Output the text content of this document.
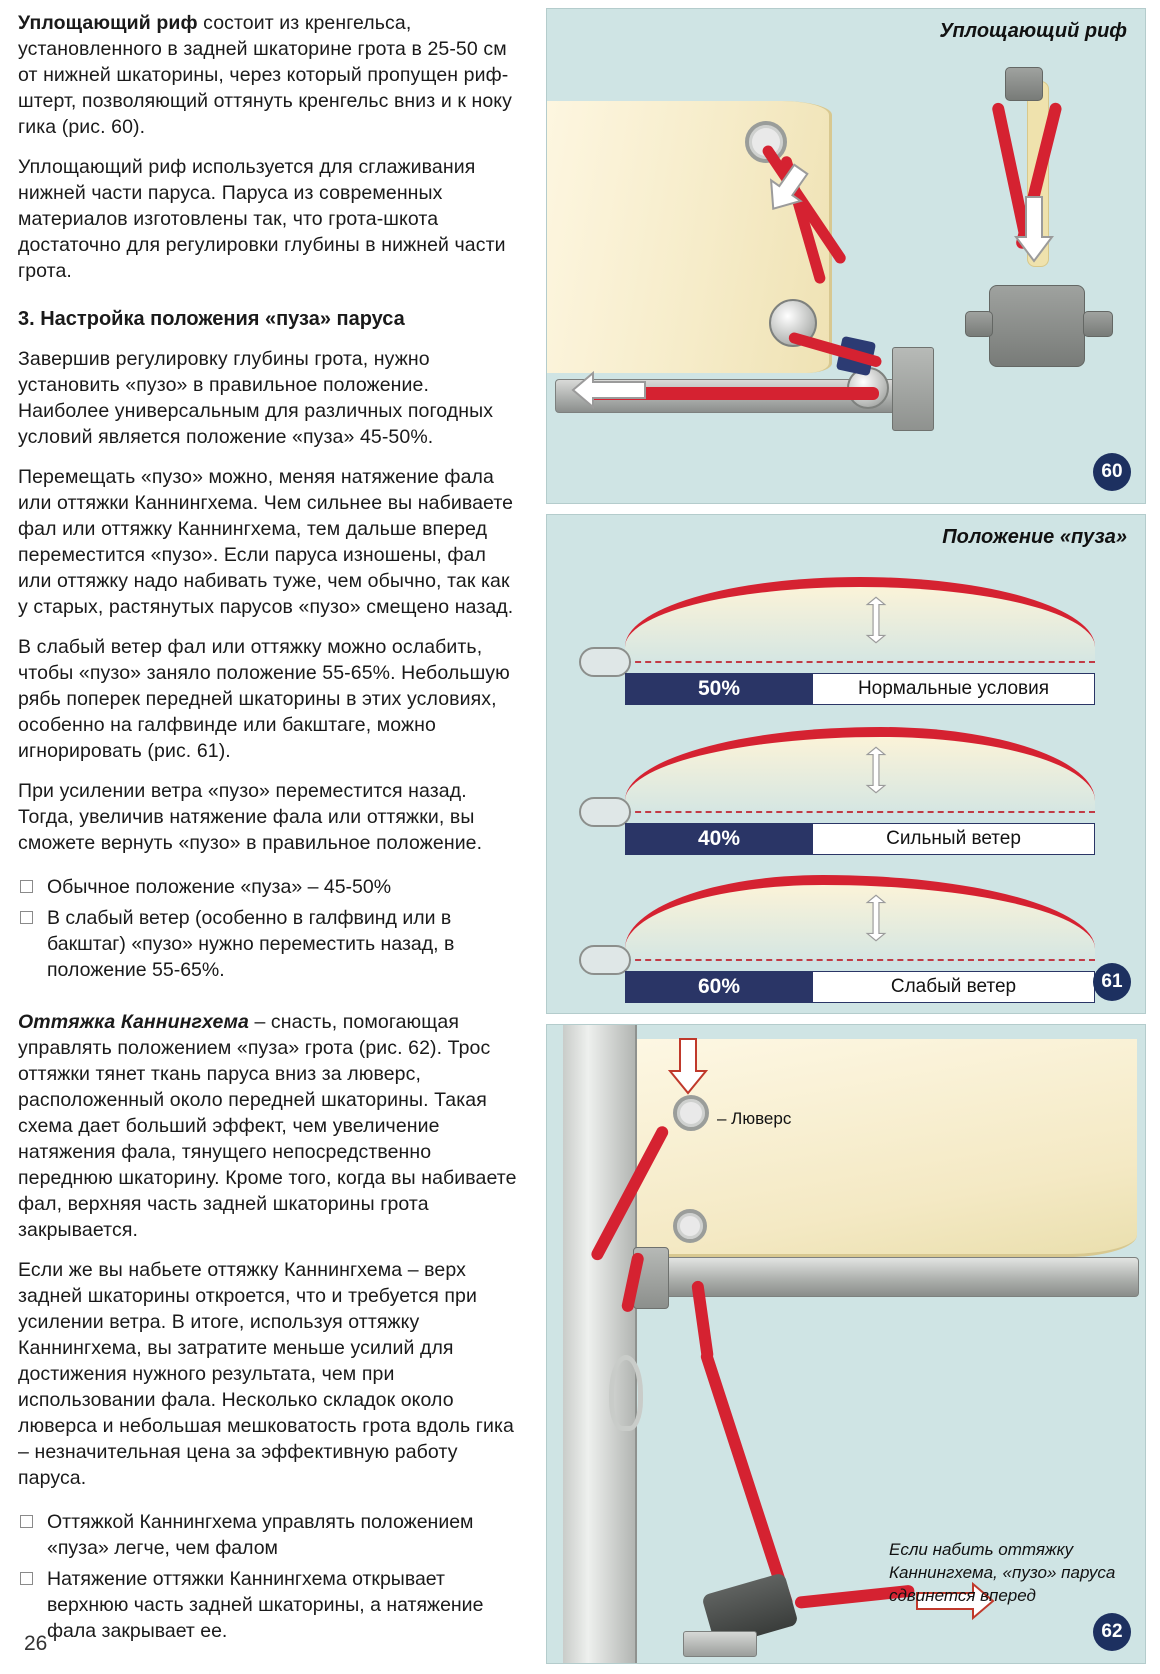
Уплощающий риф состоит из кренгельса, установленного в задней шкаторине грота в 25-50 см от нижней шкаторины, через который пропущен риф-штерт, позволяющий оттянуть кренгельс вниз и к ноку гика (рис. 60).

Уплощающий риф используется для сглаживания нижней части паруса. Паруса из современных материалов изготовлены так, что грота-шкота достаточно для регулировки глубины в нижней части грота.

3. Настройка положения «пуза» паруса

Завершив регулировку глубины грота, нужно установить «пузо» в правильное положение. Наиболее универсальным для различных погодных условий является положение «пуза» 45-50%.

Перемещать «пузо» можно, меняя натяжение фала или оттяжки Каннингхема. Чем сильнее вы набиваете фал или оттяжку Каннингхема, тем дальше вперед переместится «пузо». Если паруса изношены, фал или оттяжку надо набивать туже, чем обычно, так как у старых, растянутых парусов «пузо» смещено назад.

В слабый ветер фал или оттяжку можно ослабить, чтобы «пузо» заняло положение 55-65%. Небольшую рябь поперек передней шкаторины в этих условиях, особенно на галфвинде или бакштаге, можно игнорировать (рис. 61).

При усилении ветра «пузо» переместится назад. Тогда, увеличив натяжение фала или оттяжки, вы сможете вернуть «пузо» в правильное положение.

Обычное положение «пуза» – 45-50%
В слабый ветер (особенно в галфвинд или в бакштаг) «пузо» нужно переместить назад, в положение 55-65%.

Оттяжка Каннингхема – снасть, помогающая управлять положением «пуза» грота (рис. 62). Трос оттяжки тянет ткань паруса вниз за люверс, расположенный около передней шкаторины. Такая схема дает больший эффект, чем увеличение натяжения фала, тянущего непосредственно переднюю шкаторину. Кроме того, когда вы набиваете фал, верхняя часть задней шкаторины грота закрывается.

Если же вы набьете оттяжку Каннингхема – верх задней шкаторины откроется, что и требуется при усилении ветра. В итоге, используя оттяжку Каннингхема, вы затратите меньше усилий для достижения нужного результата, чем при использовании фала. Несколько складок около люверса и небольшая мешковатость грота вдоль гика – незначительная цена за эффективную работу паруса.

Оттяжкой Каннингхема управлять положением «пуза» легче, чем фалом
Натяжение оттяжки Каннингхема открывает верхнюю часть задней шкаторины, а натяжение фала закрывает ее.
26
Уплощающий риф
60
Положение «пуза»
50%	Нормальные условия
40%	Сильный ветер
60%	Слабый ветер	61

– Люверс
Если набить оттяжку Каннингхема, «пузо» паруса сдвинется вперед
62
